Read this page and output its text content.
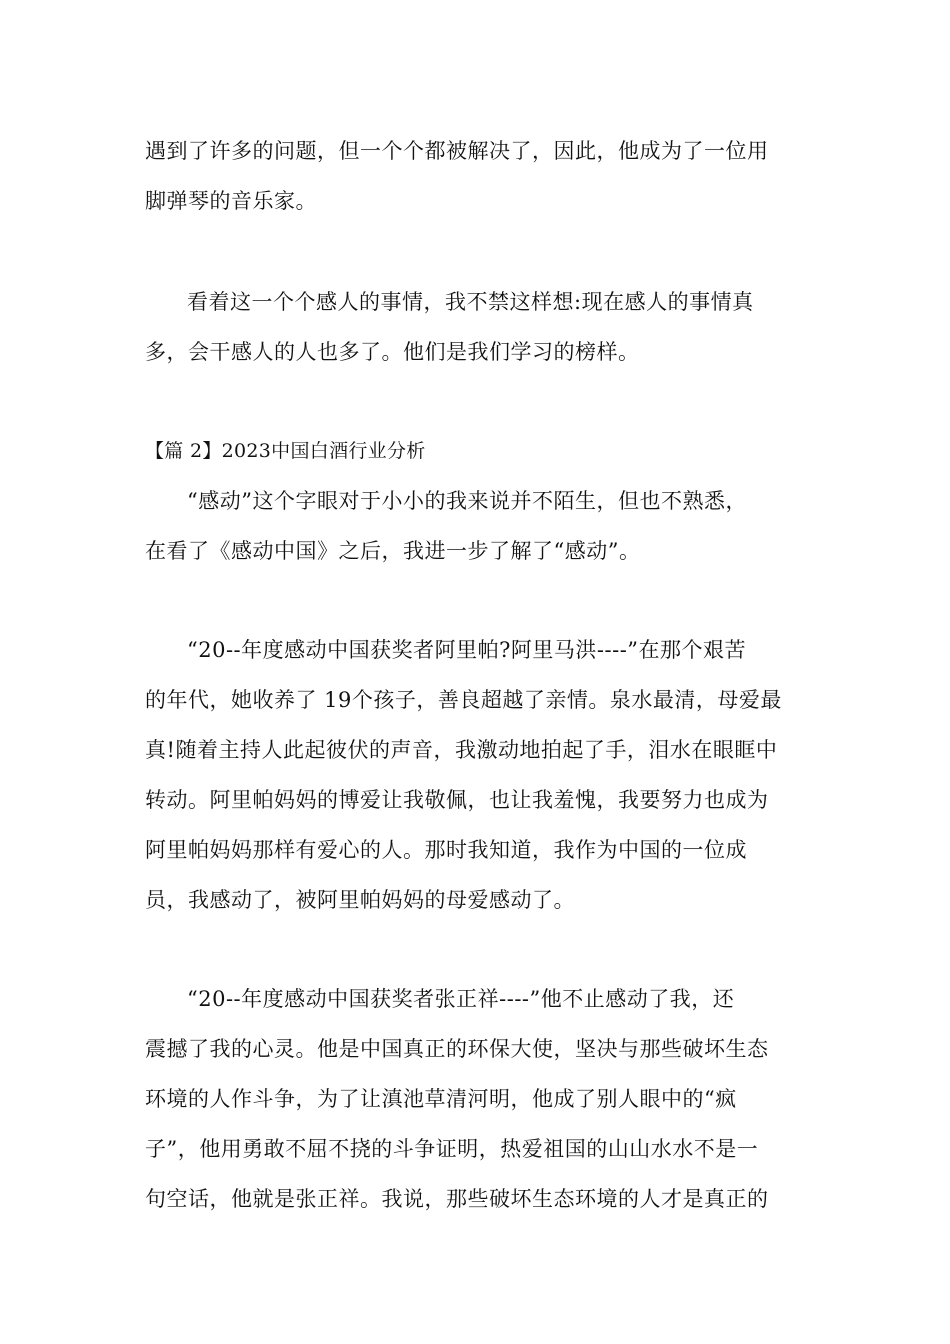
遇到了许多的问题，但一个个都被解决了，因此，他成为了一位用
脚弹琴的音乐家。
看着这一个个感人的事情，我不禁这样想:现在感人的事情真
多，会干感人的人也多了。他们是我们学习的榜样。
【篇 2】2023中国白酒行业分析
“感动”这个字眼对于小小的我来说并不陌生，但也不熟悉，
在看了《感动中国》之后，我进一步了解了“感动”。
“20--年度感动中国获奖者阿里帕?阿里马洪----”在那个艰苦
的年代，她收养了 19个孩子，善良超越了亲情。泉水最清，母爱最
真!随着主持人此起彼伏的声音，我激动地拍起了手，泪水在眼眶中
转动。阿里帕妈妈的博爱让我敬佩，也让我羞愧，我要努力也成为
阿里帕妈妈那样有爱心的人。那时我知道，我作为中国的一位成
员，我感动了，被阿里帕妈妈的母爱感动了。
“20--年度感动中国获奖者张正祥----”他不止感动了我，还
震撼了我的心灵。他是中国真正的环保大使，坚决与那些破坏生态
环境的人作斗争，为了让滇池草清河明，他成了别人眼中的“疯
子”，他用勇敢不屈不挠的斗争证明，热爱祖国的山山水水不是一
句空话，他就是张正祥。我说，那些破坏生态环境的人才是真正的
